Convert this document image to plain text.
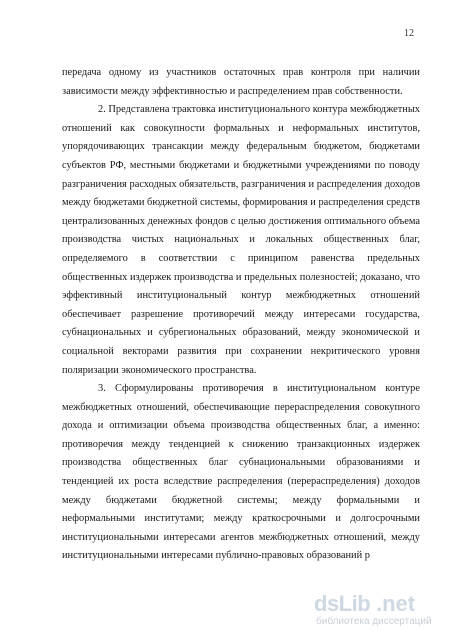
12

передача одному из участников остаточных прав контроля при наличии зависимости между эффективностью и распределением прав собственности.

2. Представлена трактовка институционального контура межбюджетных отношений как совокупности формальных и неформальных институтов, упорядочивающих трансакции между федеральным бюджетом, бюджетами субъектов РФ, местными бюджетами и бюджетными учреждениями по поводу разграничения расходных обязательств, разграничения и распределения доходов между бюджетами бюджетной системы, формирования и распределения средств централизованных денежных фондов с целью достижения оптимального объема производства чистых национальных и локальных общественных благ, определяемого в соответствии с принципом равенства предельных общественных издержек производства и предельных полезностей; доказано, что эффективный институциональный контур межбюджетных отношений обеспечивает разрешение противоречий между интересами государства, субнациональных и субрегиональных образований, между экономической и социальной векторами развития при сохранении некритического уровня поляризации экономического пространства.

3. Сформулированы противоречия в институциональном контуре межбюджетных отношений, обеспечивающие перераспределения совокупного дохода и оптимизации объема производства общественных благ, а именно: противоречия между тенденцией к снижению транзакционных издержек производства общественных благ субнациональными образованиями и тенденцией их роста вследствие распределения (перераспределения) доходов между бюджетами бюджетной системы; между формальными и неформальными институтами; между краткосрочными и долгосрочными институциональными интересами агентов межбюджетных отношений, между институциональными интересами публично-правовых образований р

dsLib .net
библиотека диссертаций
